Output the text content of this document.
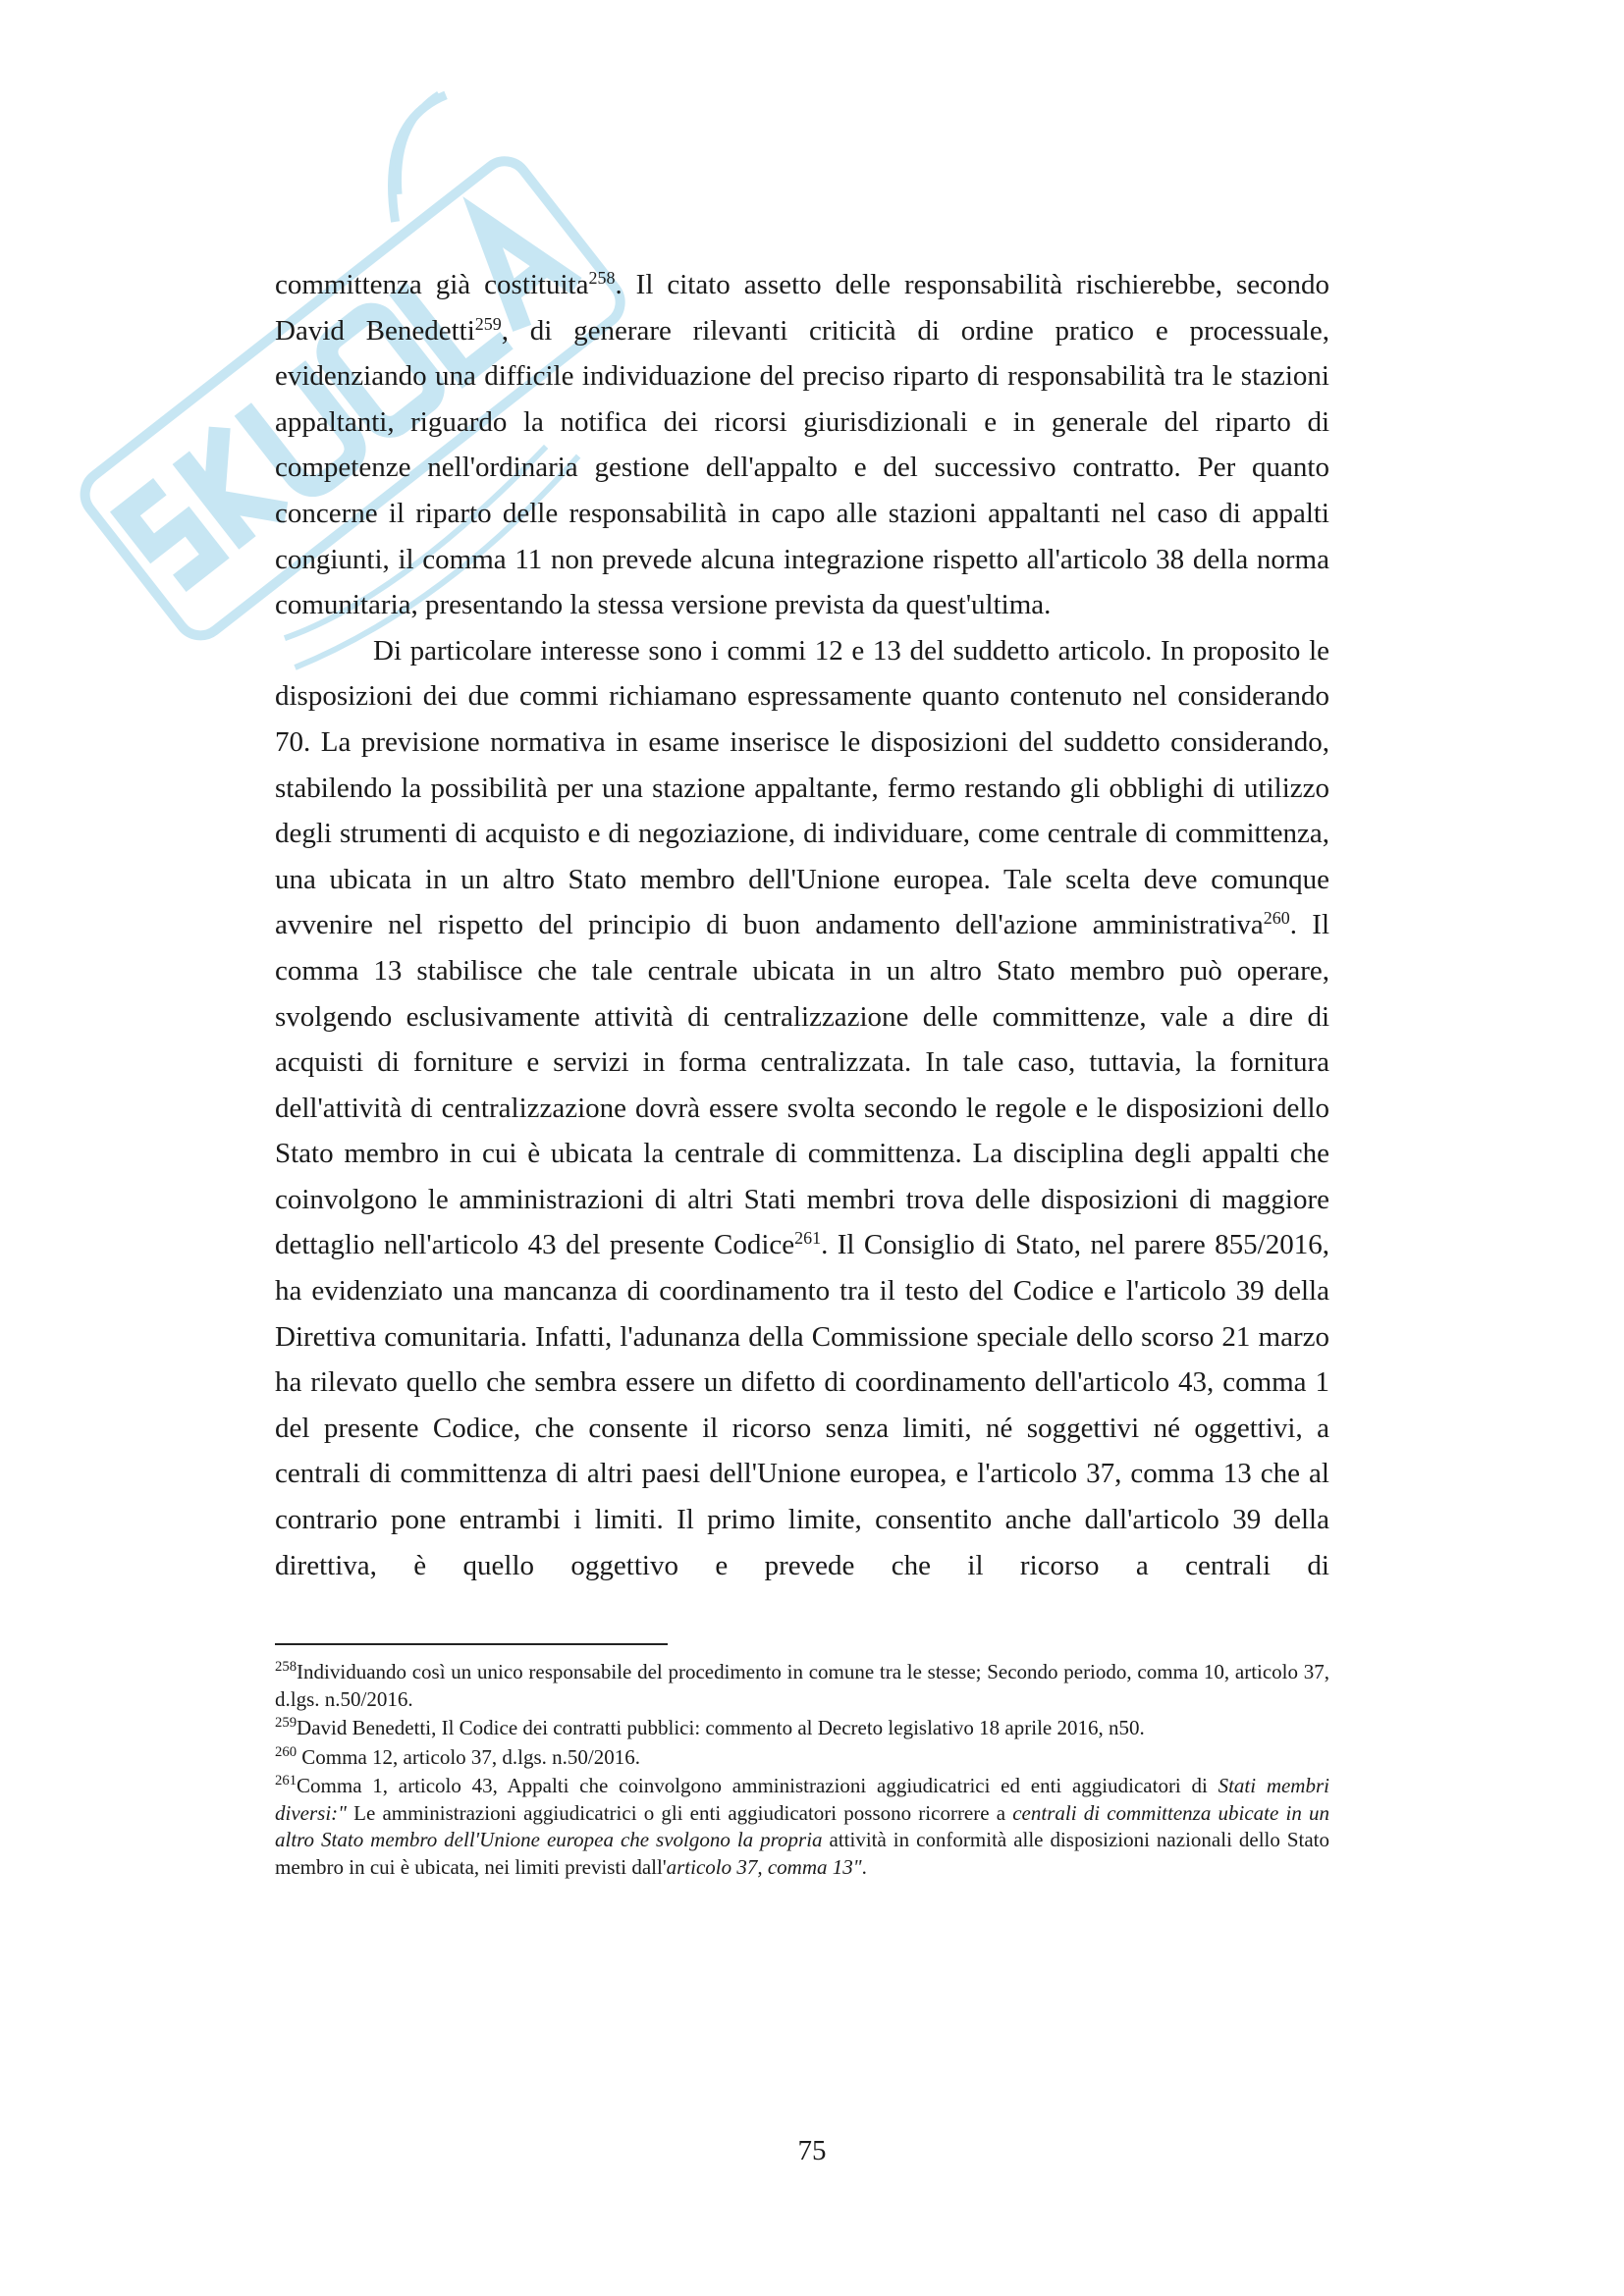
committenza già costituita$^{258}$. Il citato assetto delle responsabilità rischierebbe, secondo David Benedetti$^{259}$, di generare rilevanti criticità di ordine pratico e processuale, evidenziando una difficile individuazione del preciso riparto di responsabilità tra le stazioni appaltanti, riguardo la notifica dei ricorsi giurisdizionali e in generale del riparto di competenze nell'ordinaria gestione dell'appalto e del successivo contratto. Per quanto concerne il riparto delle responsabilità in capo alle stazioni appaltanti nel caso di appalti congiunti, il comma 11 non prevede alcuna integrazione rispetto all'articolo 38 della norma comunitaria, presentando la stessa versione prevista da quest'ultima.

Di particolare interesse sono i commi 12 e 13 del suddetto articolo. In proposito le disposizioni dei due commi richiamano espressamente quanto contenuto nel considerando 70. La previsione normativa in esame inserisce le disposizioni del suddetto considerando, stabilendo la possibilità per una stazione appaltante, fermo restando gli obblighi di utilizzo degli strumenti di acquisto e di negoziazione, di individuare, come centrale di committenza, una ubicata in un altro Stato membro dell'Unione europea. Tale scelta deve comunque avvenire nel rispetto del principio di buon andamento dell'azione amministrativa$^{260}$. Il comma 13 stabilisce che tale centrale ubicata in un altro Stato membro può operare, svolgendo esclusivamente attività di centralizzazione delle committenze, vale a dire di acquisti di forniture e servizi in forma centralizzata. In tale caso, tuttavia, la fornitura dell'attività di centralizzazione dovrà essere svolta secondo le regole e le disposizioni dello Stato membro in cui è ubicata la centrale di committenza. La disciplina degli appalti che coinvolgono le amministrazioni di altri Stati membri trova delle disposizioni di maggiore dettaglio nell'articolo 43 del presente Codice$^{261}$. Il Consiglio di Stato, nel parere 855/2016, ha evidenziato una mancanza di coordinamento tra il testo del Codice e l'articolo 39 della Direttiva comunitaria. Infatti, l'adunanza della Commissione speciale dello scorso 21 marzo ha rilevato quello che sembra essere un difetto di coordinamento dell'articolo 43, comma 1 del presente Codice, che consente il ricorso senza limiti, né soggettivi né oggettivi, a centrali di committenza di altri paesi dell'Unione europea, e l'articolo 37, comma 13 che al contrario pone entrambi i limiti. Il primo limite, consentito anche dall'articolo 39 della direttiva, è quello oggettivo e prevede che il ricorso a centrali di

$^{258}$Individuando così un unico responsabile del procedimento in comune tra le stesse; Secondo periodo, comma 10, articolo 37, d.lgs. n.50/2016.

$^{259}$David Benedetti, Il Codice dei contratti pubblici: commento al Decreto legislativo 18 aprile 2016, n50.

$^{260}$ Comma 12, articolo 37, d.lgs. n.50/2016.

$^{261}$Comma 1, articolo 43, Appalti che coinvolgono amministrazioni aggiudicatrici ed enti aggiudicatori di Stati membri diversi:" Le amministrazioni aggiudicatrici o gli enti aggiudicatori possono ricorrere a centrali di committenza ubicate in un altro Stato membro dell'Unione europea che svolgono la propria attività in conformità alle disposizioni nazionali dello Stato membro in cui è ubicata, nei limiti previsti dall'articolo 37, comma 13".

75
